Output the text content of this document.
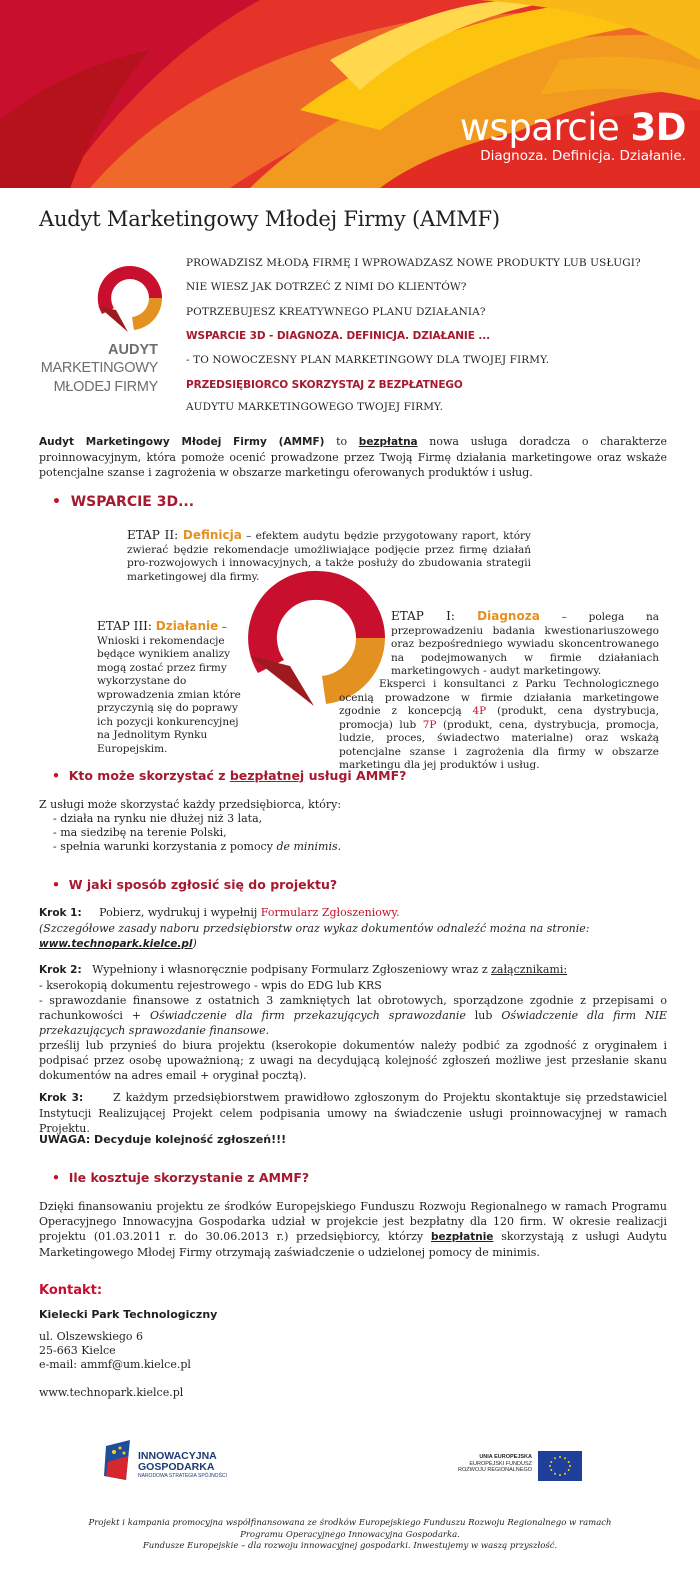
wsparcie 3D
Diagnoza. Definicja. Działanie.
Audyt Marketingowy Młodej Firmy (AMMF)
AUDYT
MARKETINGOWY
MŁODEJ FIRMY
PROWADZISZ MŁODĄ FIRMĘ I WPROWADZASZ NOWE PRODUKTY LUB USŁUGI?
NIE WIESZ JAK DOTRZEĆ Z NIMI DO KLIENTÓW?
POTRZEBUJESZ KREATYWNEGO PLANU DZIAŁANIA?
WSPARCIE 3D - DIAGNOZA. DEFINICJA. DZIAŁANIE ...
- TO NOWOCZESNY PLAN MARKETINGOWY DLA TWOJEJ FIRMY.
PRZEDSIĘBIORCO SKORZYSTAJ Z BEZPŁATNEGO
AUDYTU MARKETINGOWEGO TWOJEJ FIRMY.
Audyt Marketingowy Młodej Firmy (AMMF) to bezpłatna nowa usługa doradcza o charakterze proinnowacyjnym, która pomoże ocenić prowadzone przez Twoją Firmę działania marketingowe oraz wskaże potencjalne szanse i zagrożenia w obszarze marketingu oferowanych produktów i usług.
•  WSPARCIE 3D...
ETAP II: Definicja – efektem audytu będzie przygotowany raport, który zwierać będzie rekomendacje umożliwiające podjęcie przez firmę działań pro-rozwojowych i innowacyjnych, a także posłuży do zbudowania strategii marketingowej dla firmy.
ETAP III: Działanie – Wnioski i rekomendacje będące wynikiem analizy mogą zostać przez firmy wykorzystane do wprowadzenia zmian które przyczynią się do poprawy ich pozycji konkurencyjnej na Jednolitym Rynku Europejskim.
ETAP I: Diagnoza – polega na przeprowadzeniu badania kwestionariuszowego oraz bezpośredniego wywiadu skoncentrowanego na podejmowanych w firmie działaniach marketingowych - audyt marketingowy.
Eksperci i konsultanci z Parku Technologicznego ocenią prowadzone w firmie działania marketingowe zgodnie z koncepcją 4P (produkt, cena dystrybucja, promocja) lub 7P (produkt, cena, dystrybucja, promocja, ludzie, proces, świadectwo materialne) oraz wskażą potencjalne szanse i zagrożenia dla firmy w obszarze marketingu dla jej produktów i usług.
•  Kto może skorzystać z bezpłatnej usługi AMMF?
Z usługi może skorzystać każdy przedsiębiorca, który:
- działa na rynku nie dłużej niż 3 lata,
- ma siedzibę na terenie Polski,
- spełnia warunki korzystania z pomocy de minimis.
•  W jaki sposób zgłosić się do projektu?
Krok 1: Pobierz, wydrukuj i wypełnij Formularz Zgłoszeniowy.
(Szczegółowe zasady naboru przedsiębiorstw oraz wykaz dokumentów odnaleźć można na stronie:
www.technopark.kielce.pl)
Krok 2: Wypełniony i własnoręcznie podpisany Formularz Zgłoszeniowy wraz z załącznikami:
- kserokopią dokumentu rejestrowego - wpis do EDG lub KRS
- sprawozdanie finansowe z ostatnich 3 zamkniętych lat obrotowych, sporządzone zgodnie z przepisami o rachunkowości + Oświadczenie dla firm przekazujących sprawozdanie lub Oświadczenie dla firm NIE przekazujących sprawozdanie finansowe.
prześlij lub przynieś do biura projektu (kserokopie dokumentów należy podbić za zgodność z oryginałem i podpisać przez osobę upoważnioną; z uwagi na decydującą kolejność zgłoszeń możliwe jest przesłanie skanu dokumentów na adres email + oryginał pocztą).
Krok 3:	Z każdym przedsiębiorstwem prawidłowo zgłoszonym do Projektu skontaktuje się przedstawiciel Instytucji Realizującej Projekt celem podpisania umowy na świadczenie usługi proinnowacyjnej w ramach Projektu.
UWAGA: Decyduje kolejność zgłoszeń!!!
•  Ile kosztuje skorzystanie z AMMF?
Dzięki finansowaniu projektu ze środków Europejskiego Funduszu Rozwoju Regionalnego w ramach Programu Operacyjnego Innowacyjna Gospodarka udział w projekcie jest bezpłatny dla 120 firm. W okresie realizacji projektu (01.03.2011 r. do 30.06.2013 r.) przedsiębiorcy, którzy bezpłatnie skorzystają z usługi Audytu Marketingowego Młodej Firmy otrzymają zaświadczenie o udzielonej pomocy de minimis.
Kontakt:
Kielecki Park Technologiczny
ul. Olszewskiego 6
25-663 Kielce
e-mail: ammf@um.kielce.pl
www.technopark.kielce.pl
INNOWACYJNA
GOSPODARKA
NARODOWA STRATEGIA SPÓJNOŚCI
UNIA EUROPEJSKA
EUROPEJSKI FUNDUSZ
ROZWOJU REGIONALNEGO
Projekt i kampania promocyjna współfinansowana ze środków Europejskiego Funduszu Rozwoju Regionalnego w ramach
Programu Operacyjnego Innowacyjna Gospodarka.
Fundusze Europejskie – dla rozwoju innowacyjnej gospodarki. Inwestujemy w waszą przyszłość.
